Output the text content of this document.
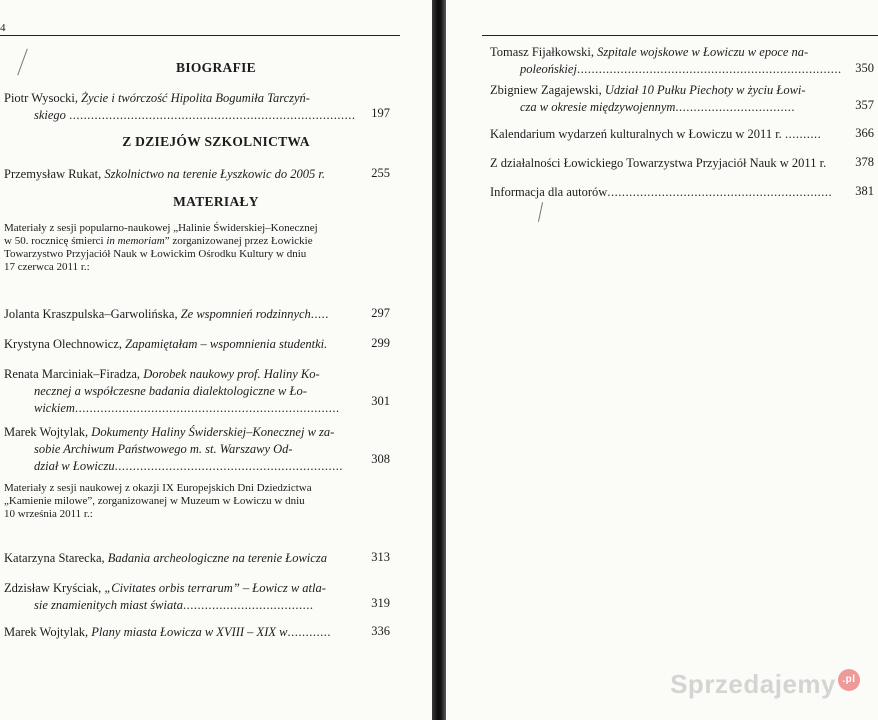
4
BIOGRAFIE
Piotr Wysocki, Życie i twórczość Hipolita Bogumiła Tarczyń-
skiego ...............................................................................	197
Z DZIEJÓW SZKOLNICTWA
Przemysław Rukat, Szkolnictwo na terenie Łyszkowic do 2005 r.	255
MATERIAŁY
Materiały z sesji popularno-naukowej „Halinie Świderskiej–Konecznej
w 50. rocznicę śmierci in memoriam” zorganizowanej przez Łowickie
Towarzystwo Przyjaciół Nauk w Łowickim Ośrodku Kultury w dniu
17 czerwca 2011 r.:
Jolanta Kraszpulska–Garwolińska, Ze wspomnień rodzinnych.....	297
Krystyna Olechnowicz, Zapamiętałam – wspomnienia studentki.	299
Renata Marciniak–Firadza, Dorobek naukowy prof. Haliny Ko-
necznej a współczesne badania dialektologiczne w Ło-
wickiem.........................................................................	301
Marek Wojtylak, Dokumenty Haliny Świderskiej–Konecznej w za-
sobie Archiwum Państwowego m. st. Warszawy Od-
dział w Łowiczu...............................................................	308
Materiały z sesji naukowej z okazji IX Europejskich Dni Dziedzictwa
„Kamienie milowe”, zorganizowanej w Muzeum w Łowiczu w dniu
10 września 2011 r.:
Katarzyna Starecka, Badania archeologiczne na terenie Łowicza	313
Zdzisław Kryściak, „Civitates orbis terrarum” – Łowicz w atla-
sie znamienitych miast świata....................................	319
Marek Wojtylak, Plany miasta Łowicza w XVIII – XIX w............	336
Tomasz Fijałkowski, Szpitale wojskowe w Łowiczu w epoce na-
poleońskiej.........................................................................	350
Zbigniew Zagajewski, Udział 10 Pułku Piechoty w życiu Łowi-
cza w okresie międzywojennym.................................	357
Kalendarium wydarzeń kulturalnych w Łowiczu w 2011 r. ..........	366
Z działalności Łowickiego Towarzystwa Przyjaciół Nauk w 2011 r.	378
Informacja dla autorów..............................................................	381
Sprzedajemy .pl
